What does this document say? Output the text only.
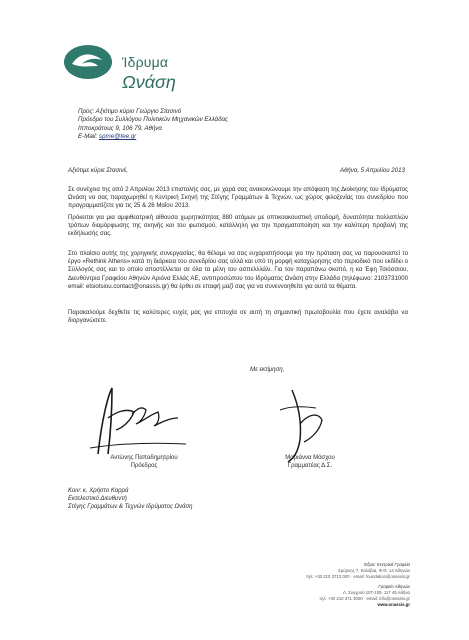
Ίδρυμα
Ωνάση
Προς: Αξιότιμο κύριο Γεώργιο Στασινό
Πρόεδρο του Συλλόγου Πολιτικών Μηχανικών Ελλάδας
Ιπποκράτους 9, 106 79, Αθήνα
E-Mail: spme@tee.gr
Αξιότιμε κύριε Στασινέ,	Αθήνα, 5 Απριλίου 2013
Σε συνέχεια της από 2 Απριλίου 2013 επιστολής σας, με χαρά σας ανακοινώνουμε την απόφαση της Διοίκησης του Ιδρύματος Ωνάση να σας παραχωρηθεί η Κεντρική Σκηνή της Στέγης Γραμμάτων & Τεχνών, ως χώρος φιλοξενίας του συνεδρίου που προγραμματίζετε για τις 25 & 26 Μαΐου 2013.
Πρόκειται για μια αμφιθεατρική αίθουσα χωρητικότητας 880 ατόμων με οπτικοακουστική υποδομή, δυνατότητα πολλαπλών τρόπων διαμόρφωσης της σκηνής και του φωτισμού, κατάλληλη για την πραγματοποίηση και την καλύτερη προβολή της εκδήλωσής σας.
Στο πλαίσιο αυτής της χορηγικής συνεργασίας, θα θέλαμε να σας ευχαριστήσουμε για την πρόταση σας να παρουσιαστεί το έργο «Rethink Athens» κατά τη διάρκεια του συνεδρίου σας αλλά και υπό τη μορφή καταχώρησης στο περιοδικό που εκδίδει ο Σύλλογός σας και το οποίο αποστέλλεται σε όλα τα μέλη του ασπελλλάλι. Για τον παραπάνω σκοπό, η κα Έφη Τσιόσσιου, Διευθύντρια Γραφείου Αθηνών Αριόνα Ελλάς ΑΕ, αντιπροσώπου του Ιδρύματος Ωνάση στην Ελλάδα (τηλέφωνο: 2103731000 email: etsiotsiou.contact@onassis.gr) θα έρθει σε επαφή μαζί σας για να συνεννοηθείτε για αυτά τα θέματα.
Παρακαλούμε δεχθείτε τις καλύτερες ευχές μας για επιτυχία σε αυτή τη σημαντική πρωτοβουλία που έχετε αναλάβει να διοργανώσετε.
Με εκτίμηση,
Αντώνης Παπαδημητρίου
Πρόεδρος
Μαριάννα Μόσχου
Γραμματέας Δ.Σ.
Κοιν: κ. Χρήστο Καρρά
Εκτελεστικό Διευθυντή
Στέγης Γραμμάτων & Τεχνών Ιδρύματος Ωνάση
Έδρα: Κεντρικά Γραφεία
Σμύρνης 7, Καλύβια, Φ.Θ. 14 Αθηνών
τηλ: +30 210 3713 000 · email: foundation@onassis.gr
Γραφείο Αθηνών
Λ. Συγγρού 107-109, 117 45 Αθήνα
τηλ: +30 210 371 3000 · email: info@onassis.gr
www.onassis.gr
